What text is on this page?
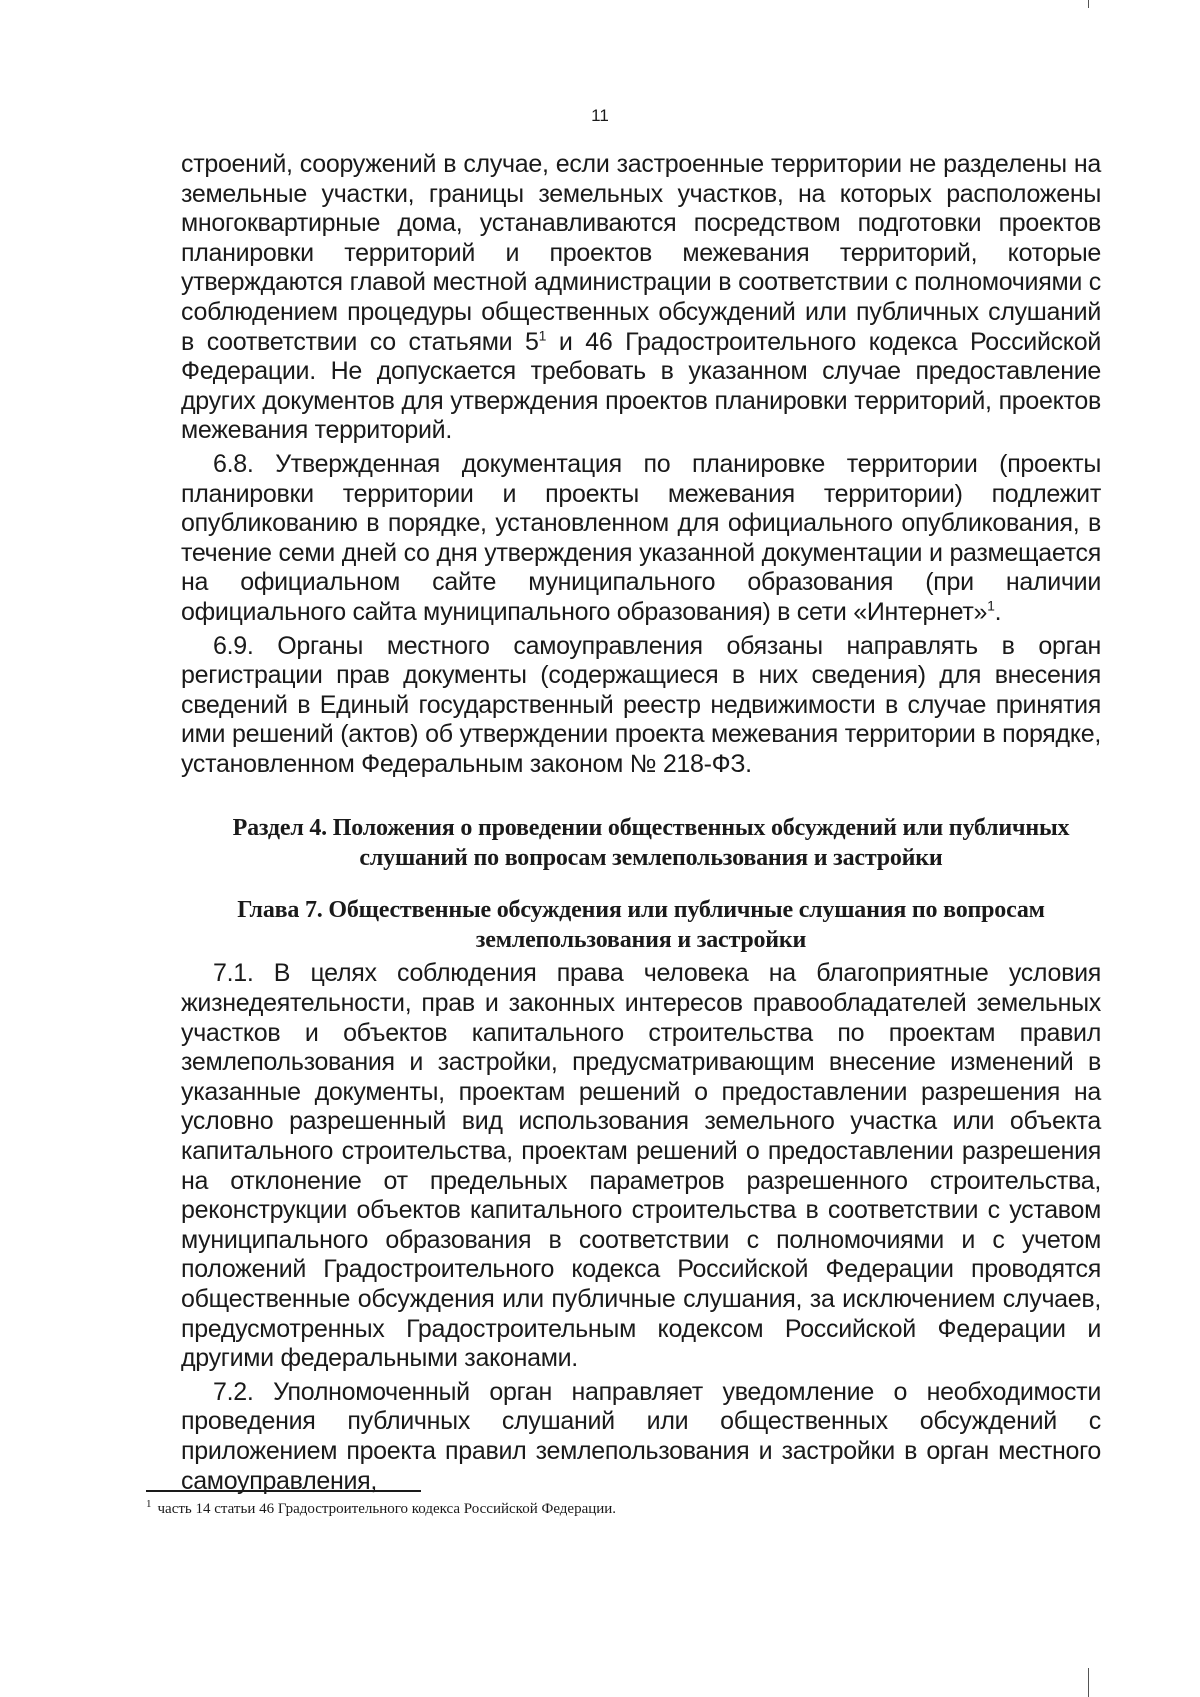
11

строений, сооружений в случае, если застроенные территории не разделены на земельные участки, границы земельных участков, на которых расположены многоквартирные дома, устанавливаются посредством подготовки проектов планировки территорий и проектов межевания территорий, которые утверждаются главой местной администрации в соответствии с полномочиями с соблюдением процедуры общественных обсуждений или публичных слушаний в соответствии со статьями 5$^1$ и 46 Градостроительного кодекса Российской Федерации. Не допускается требовать в указанном случае предоставление других документов для утверждения проектов планировки территорий, проектов межевания территорий.

6.8. Утвержденная документация по планировке территории (проекты планировки территории и проекты межевания территории) подлежит опубликованию в порядке, установленном для официального опубликования, в течение семи дней со дня утверждения указанной документации и размещается на официальном сайте муниципального образования (при наличии официального сайта муниципального образования) в сети «Интернет»$^1$.

6.9. Органы местного самоуправления обязаны направлять в орган регистрации прав документы (содержащиеся в них сведения) для внесения сведений в Единый государственный реестр недвижимости в случае принятия ими решений (актов) об утверждении проекта межевания территории в порядке, установленном Федеральным законом № 218-ФЗ.

Раздел 4. Положения о проведении общественных обсуждений или публичных слушаний по вопросам землепользования и застройки
Глава 7. Общественные обсуждения или публичные слушания по вопросам землепользования и застройки

7.1. В целях соблюдения права человека на благоприятные условия жизнедеятельности, прав и законных интересов правообладателей земельных участков и объектов капитального строительства по проектам правил землепользования и застройки, предусматривающим внесение изменений в указанные документы, проектам решений о предоставлении разрешения на условно разрешенный вид использования земельного участка или объекта капитального строительства, проектам решений о предоставлении разрешения на отклонение от предельных параметров разрешенного строительства, реконструкции объектов капитального строительства в соответствии с уставом муниципального образования в соответствии с полномочиями и с учетом положений Градостроительного кодекса Российской Федерации проводятся общественные обсуждения или публичные слушания, за исключением случаев, предусмотренных Градостроительным кодексом Российской Федерации и другими федеральными законами.

7.2. Уполномоченный орган направляет уведомление о необходимости проведения публичных слушаний или общественных обсуждений с приложением проекта правил землепользования и застройки в орган местного самоуправления,

$^1$ часть 14 статьи 46 Градостроительного кодекса Российской Федерации.
